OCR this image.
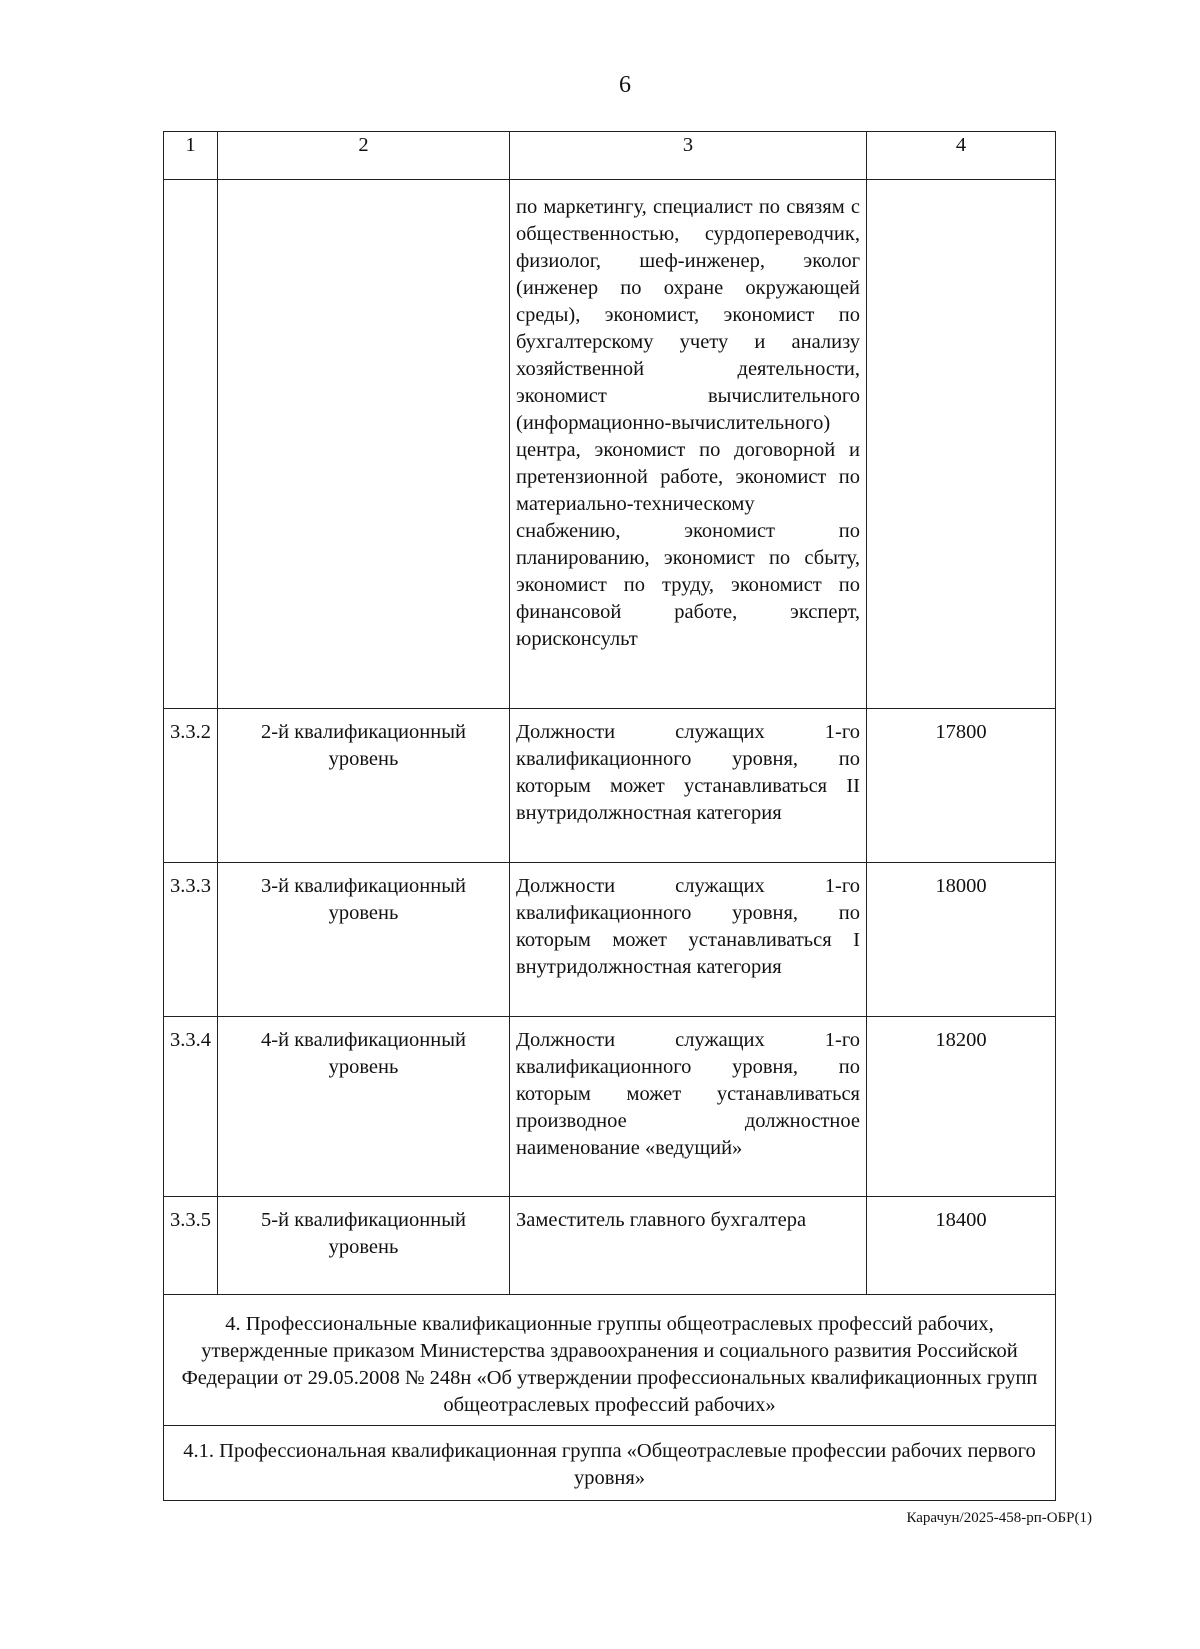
6
1	2	3	4
		по маркетингу, специалист по связям с общественностью, сурдопереводчик, физиолог, шеф-инженер, эколог (инженер по охране окружающей среды), экономист, экономист по бухгалтерскому учету и анализу хозяйственной деятельности, экономист вычислительного (информационно-вычислительного) центра, экономист по договорной и претензионной работе, экономист по материально-техническому снабжению, экономист по планированию, экономист по сбыту, экономист по труду, экономист по финансовой работе, эксперт, юрисконсульт	
3.3.2	2-й квалификационный уровень	Должности служащих 1-го квалификационного уровня, по которым может устанавливаться II внутридолжностная категория	17800
3.3.3	3-й квалификационный уровень	Должности служащих 1-го квалификационного уровня, по которым может устанавливаться I внутридолжностная категория	18000
3.3.4	4-й квалификационный уровень	Должности служащих 1-го квалификационного уровня, по которым может устанавливаться производное должностное наименование «ведущий»	18200
3.3.5	5-й квалификационный уровень	Заместитель главного бухгалтера	18400
4. Профессиональные квалификационные группы общеотраслевых профессий рабочих, утвержденные приказом Министерства здравоохранения и социального развития Российской Федерации от 29.05.2008 № 248н «Об утверждении профессиональных квалификационных групп общеотраслевых профессий рабочих»			
4.1. Профессиональная квалификационная группа «Общеотраслевые профессии рабочих первого уровня»			
Карачун/2025-458-рп-ОБР(1)
